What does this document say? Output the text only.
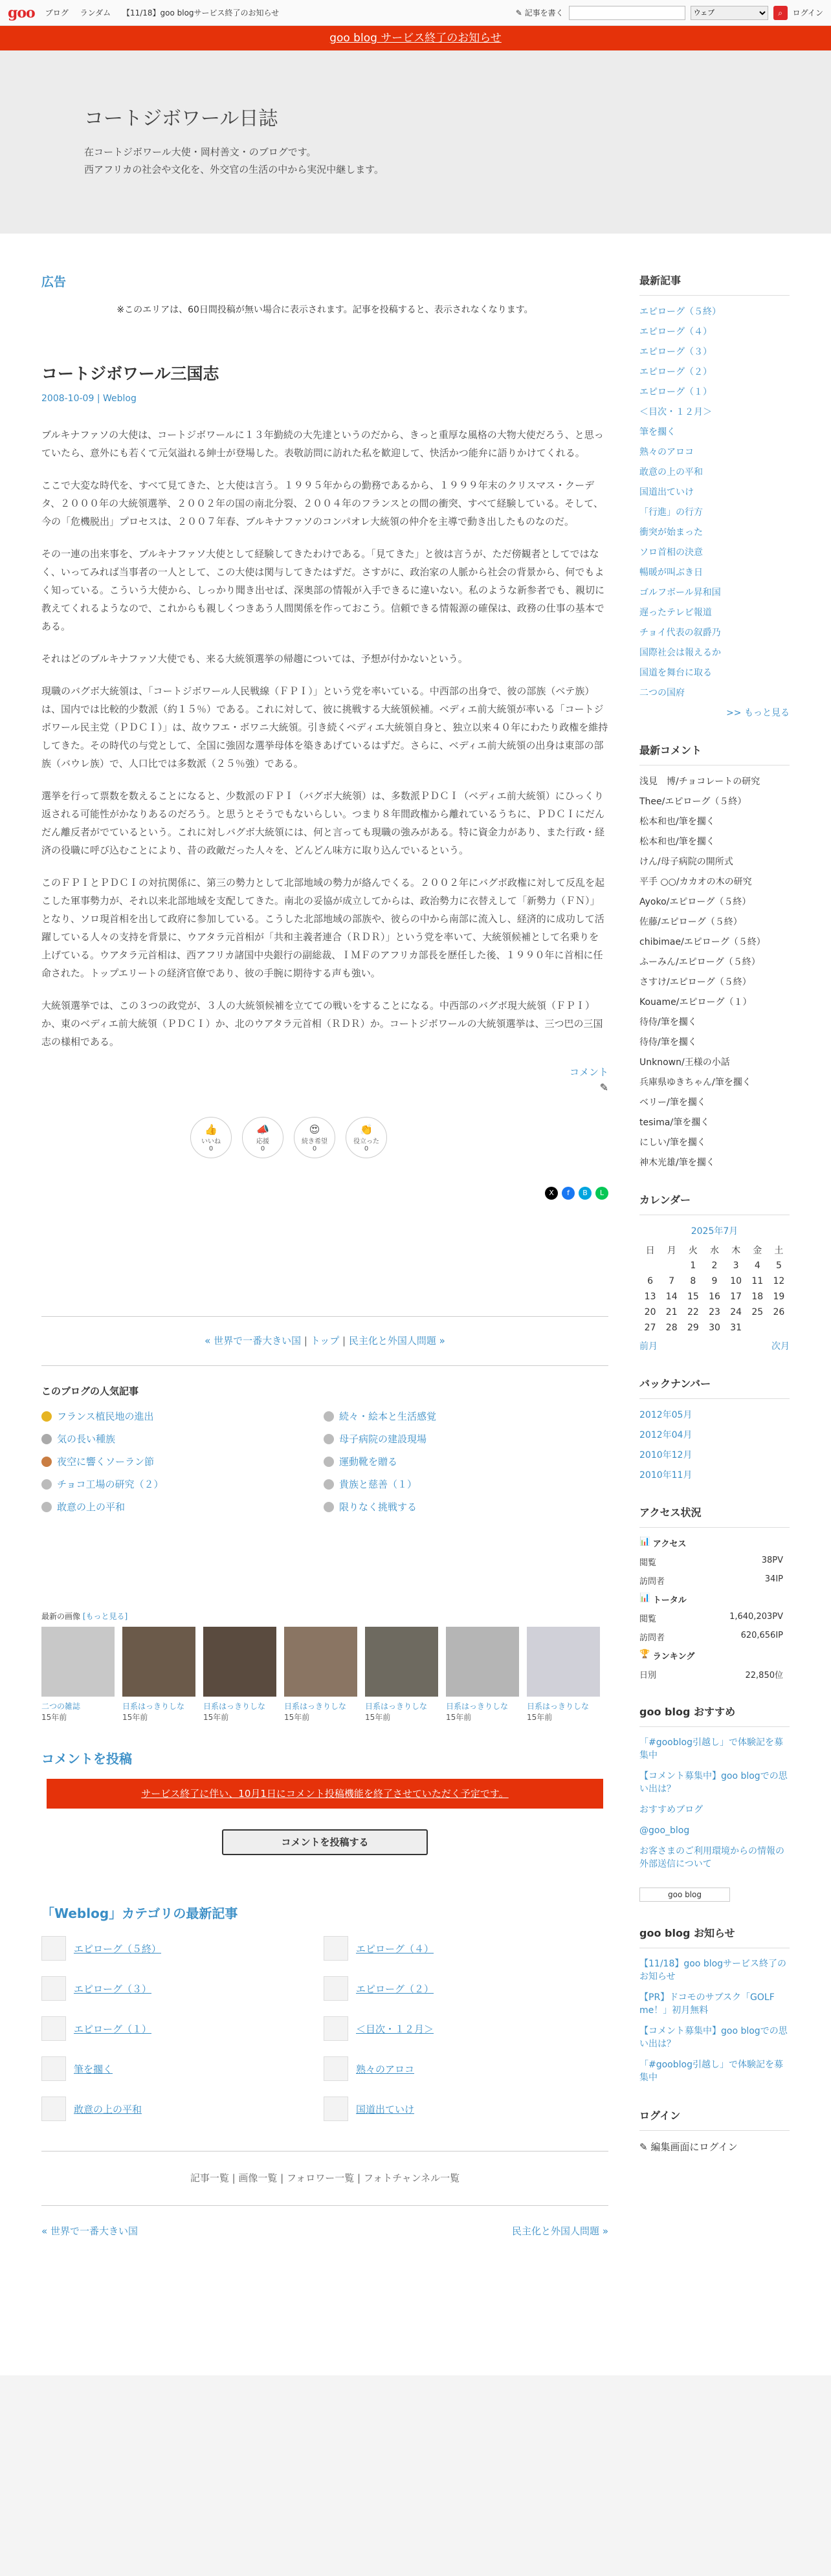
goo ブログ ランダム 【11/18】goo blogサービス終了のお知らせ	✎ 記事を書く
ウェブ	⌕	ログイン
goo blog サービス終了のお知らせ
コートジボワール日誌

在コートジボワール大使・岡村善文・のブログです。

西アフリカの社会や文化を、外交官の生活の中から実況中継します。

広告
※このエリアは、60日間投稿が無い場合に表示されます。記事を投稿すると、表示されなくなります。
コートジボワール三国志
2008-10-09 | Weblog

ブルキナファソの大使は、コートジボワールに１３年勤続の大先達というのだから、きっと重厚な風格の大物大使だろう、と思っていたら、意外にも若くて元気溢れる紳士が登場した。表敬訪問に訪れた私を歓迎して、快活かつ能弁に語りかけてくれる。

ここで大変な時代を、すべて見てきた、と大使は言う。１９９５年からの勤務であるから、１９９９年末のクリスマス・クーデタ、２０００年の大統領選挙、２００２年の国の南北分裂、２００４年のフランスとの間の衝突、すべて経験している。そして、今の「危機脱出」プロセスは、２００７年春、ブルキナファソのコンパオレ大統領の仲介を主導で動き出したものなのだ。

その一連の出来事を、ブルキナファソ大使として経験してきたわけである。「見てきた」と彼は言うが、ただ傍観者としてではなく、いってみれば当事者の一人として、この大使は関与してきたはずだ。さすがに、政治家の人脈から社会の背景から、何でもよく知っている。こういう大使から、しっかり聞き出せば、深奥部の情報が入手できるに違いない。私のような新参者でも、親切に教えてくれるようなので、これからも親しくつきあう人間関係を作っておこう。信頼できる情報源の確保は、政務の仕事の基本である。

それはどのブルキナファソ大使でも、来る大統領選挙の帰趨については、予想が付かないという。

現職のバグボ大統領は、「コートジボワール人民戦線（ＦＰＩ）」という党を率いている。中西部の出身で、彼の部族（ベテ族）は、国内では比較的少数派（約１５％）である。これに対して、彼に挑戦する大統領候補。ベディエ前大統領が率いる「コートジボワール民主党（ＰＤＣＩ）」は、故ウフエ・ボワニ大統領。引き続くベディエ大統領自身と、独立以来４０年にわたり政権を維持してきた。その時代の与党として、全国に強固な選挙母体を築きあげているはずだ。さらに、ベディエ前大統領の出身は東部の部族（バウレ族）で、人口比では多数派（２５％強）である。

選挙を行って票数を数えることになると、少数派のＦＰＩ（バグボ大統領）は、多数派ＰＤＣＩ（ベディエ前大統領）にひっくり返される可能性がかなりあるのだろう。と思うとそうでもないらしい。つまり８年間政権から離れているうちに、ＰＤＣＩにだんだん離反者がでているという。これに対しバグボ大統領には、何と言っても現職の強みがある。特に資金力があり、また行政・経済の役職に呼び込むことにより、昔の政敵だった人々を、どんどん味方に取り込んでいるという。

このＦＰＩとＰＤＣＩの対抗関係に、第三の勢力として北部地域の勢力が絡んでくる。２００２年にバグボ政権に対して反乱を起こした軍事勢力が、それ以来北部地域を支配してきた。南北の妥協が成立してからは、政治勢力に衣替えして「新勢力（ＦＮ）」となり、ソロ現首相を出して政府に参加している。こうした北部地域の部族や、彼らの中から南部に流入し、経済的に成功して活躍している人々の支持を背景に、ウアタラ元首相が「共和主義者連合（ＲＤＲ）」という党を率いて、大統領候補として名乗りを上げている。ウアタラ元首相は、西アフリカ諸国中央銀行の副総裁、ＩＭＦのアフリカ部長を歴任した後、１９９０年に首相に任命された。トップエリートの経済官僚であり、彼の手腕に期待する声も強い。

大統領選挙では、この３つの政党が、３人の大統領候補を立てての戦いをすることになる。中西部のバグボ現大統領（ＦＰＩ）か、東のベディエ前大統領（ＰＤＣＩ）か、北のウアタラ元首相（ＲＤＲ）か。コートジボワールの大統領選挙は、三つ巴の三国志の様相である。

コメント
✎
👍
いいね
0
📣
応援
0
😍
続き希望
0
👏
役立った
0
X	f	B	L
« 世界で一番大きい国 | トップ | 民主化と外国人問題 »
このブログの人気記事
フランス植民地の進出	続々・絵本と生活感覚
気の長い種族	母子病院の建設現場
夜空に響くソーラン節	運動靴を贈る
チョコ工場の研究（２）	貴族と慈善（１）
敢意の上の平和	限りなく挑戦する
最新の画像 [もっと見る]
二つの雑誌
15年前
日系はっきりしな
15年前
日系はっきりしな
15年前
日系はっきりしな
15年前
日系はっきりしな
15年前
日系はっきりしな
15年前
日系はっきりしな
15年前
コメントを投稿
サービス終了に伴い、10月1日にコメント投稿機能を終了させていただく予定です。
コメントを投稿する
「Weblog」カテゴリの最新記事
エピローグ（５終）	エピローグ（４）
エピローグ（３）	エピローグ（２）
エピローグ（１）	＜目次・１２月＞
筆を擱く	熟々のアロコ
敢意の上の平和	国道出ていけ
記事一覧 | 画像一覧 | フォロワー一覧 | フォトチャンネル一覧
« 世界で一番大きい国	民主化と外国人問題 »
最新記事
エピローグ（５終）
エピローグ（４）
エピローグ（３）
エピローグ（２）
エピローグ（１）
＜目次・１２月＞
筆を擱く
熟々のアロコ
敢意の上の平和
国道出ていけ
「行進」の行方
衝突が始まった
ソロ首相の決意
暢暖が叫ぶき日
ゴルフボール昇和国
遅ったテレビ報道
チョイ代表の叙爵乃
国際社会は報えるか
国道を舞台に取る
二つの国府
>> もっと見る
最新コメント
浅見　博/チョコレートの研究
Thee/エピローグ（５終）
松本和也/筆を擱く
松本和也/筆を擱く
けん/母子病院の開所式
平手 ○○/カカオの木の研究
Ayoko/エピローグ（５終）
佐藤/エピローグ（５終）
chibimae/エピローグ（５終）
ふーみん/エピローグ（５終）
さすけ/エピローグ（５終）
Kouame/エピローグ（１）
待侍/筆を擱く
待侍/筆を擱く
Unknown/王様の小話
兵庫県ゆきちゃん/筆を擱く
ベリー/筆を擱く
tesima/筆を擱く
にしい/筆を擱く
神木光雄/筆を擱く
カレンダー
2025年7月
日	月	火	水	木	金	土
		1	2	3	4	5
6	7	8	9	10	11	12
13	14	15	16	17	18	19
20	21	22	23	24	25	26
27	28	29	30	31		
前月	次月
バックナンバー
2012年05月
2012年04月
2010年12月
2010年11月
アクセス状況
📊 アクセス
閲覧	38PV
訪問者	34IP
📊 トータル
閲覧	1,640,203PV
訪問者	620,656IP
🏆 ランキング
日別	22,850位
goo blog おすすめ
「#gooblog引越し」で体験記を募集中
【コメント募集中】goo blogでの思い出は？
おすすめブログ
@goo_blog
お客さまのご利用環境からの情報の外部送信について
goo blog
goo blog お知らせ
【11/18】goo blogサービス終了のお知らせ
【PR】ドコモのサブスク「GOLF me！」初月無料
【コメント募集中】goo blogでの思い出は？
「#gooblog引越し」で体験記を募集中
ログイン
✎ 編集画面にログイン
